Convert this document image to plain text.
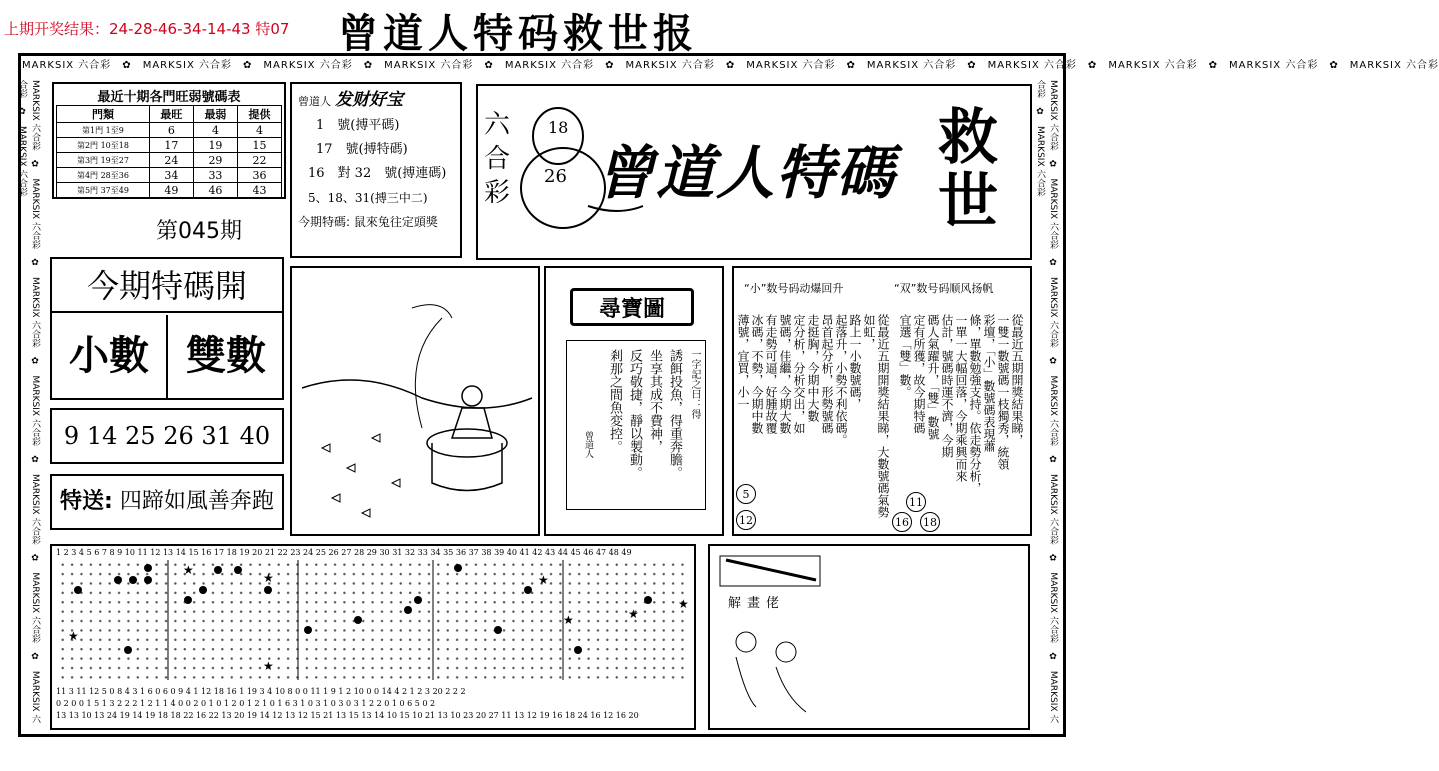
上期开奖结果：24-28-46-34-14-43 特07 曾道人特码救世报
MARKSIX 六合彩　✿　MARKSIX 六合彩　✿　MARKSIX 六合彩　✿　MARKSIX 六合彩　✿　MARKSIX 六合彩　✿　MARKSIX 六合彩　✿　MARKSIX 六合彩　✿　MARKSIX 六合彩　✿　MARKSIX 六合彩　✿　MARKSIX 六合彩　✿　MARKSIX 六合彩　✿　MARKSIX 六合彩
MARKSIX 六合彩　✿　MARKSIX 六合彩　✿　MARKSIX 六合彩　✿　MARKSIX 六合彩　✿　MARKSIX 六合彩　✿　MARKSIX 六合彩　✿　MARKSIX 六合彩　✿　MARKSIX 六合彩
MARKSIX 六合彩　✿　MARKSIX 六合彩　✿　MARKSIX 六合彩　✿　MARKSIX 六合彩　✿　MARKSIX 六合彩　✿　MARKSIX 六合彩　✿　MARKSIX 六合彩　✿　MARKSIX 六合彩
最近十期各門旺弱號碼表
門類	最旺	最弱	提供
第1門 1至9	6	4	4
第2門 10至18	17	19	15
第3門 19至27	24	29	22
第4門 28至36	34	33	36
第5門 37至49	49	46	43
第045期
曾道人 发财好宝
1　號(搏平碼)
17　號(搏特碼)
16　對 32　號(搏連碼)
5、18、31(搏三中二)
今期特碼: 鼠來兔往定頭獎
六合彩
18
26 曾道人特碼 救世
今期特碼開
小數 雙數
9 14 25 26 31 40
特送: 四蹄如風善奔跑
尋寶圖
一字記之曰：得
誘餌投魚，得重奔膽。
坐享其成不費神，
反巧敬捷，靜以製動。
剎那之間魚変控。
曾道人
“小”数号码动爆回升	“双”数号码顺风扬帆
從最近五期開獎結果睇，大數號碼氣勢如虹，
路上一小數號碼，
起落升，小勢不利依碼。
昂首起分析，形勢號碼
走挺胸，今期中大數
定分析，分析交出，如
號碼，佳繼，今期大數
有走勢可逼，好腫故覆
冰碼，不勢，今期中數
薄號，宜買，小一	從最近五期開獎結果睇，
一雙一數號碼一枝獨秀，統領
彩壇，「小」數號碼表現蕭
條，單數勉強支持。依走勢分析，
一單一大幅回落，今期乘興而來
估計，號碼時運不濟，今期
碼人氣躍升，「雙」數號
定有所獲，故今期特碼
宜選「雙」數。
5
12
11
16 18
1 2 3 4 5 6 7 8 9 10 11 12 13 14 15 16 17 18 19 20 21 22 23 24 25 26 27 28 29 30 31 32 33 34 35 36 37 38 39 40 41 42 43 44 45 46 47 48 49
★
★
★
★
★
★
★
★
11 3 11 12 5 0 8 4 3 1 6 0 6 0 9 4 1 12 18 16 1 19 3 4 10 8 0 0 11 1 9 1 2 10 0 0 14 4 2 1 2 3 20 2 2 2
0 2 0 0 1 5 1 3 2 2 2 1 2 1 1 4 0 0 2 0 1 0 1 2 0 1 2 1 0 1 6 3 1 0 3 1 0 3 0 3 1 2 2 0 1 0 6 5 0 2
13 13 10 13 24 19 14 19 18 18 22 16 22 13 20 19 14 12 13 12 15 21 13 15 13 14 10 15 10 21 13 10 23 20 27 11 13 12 19 16 18 24 16 12 16 20
解畫佬
